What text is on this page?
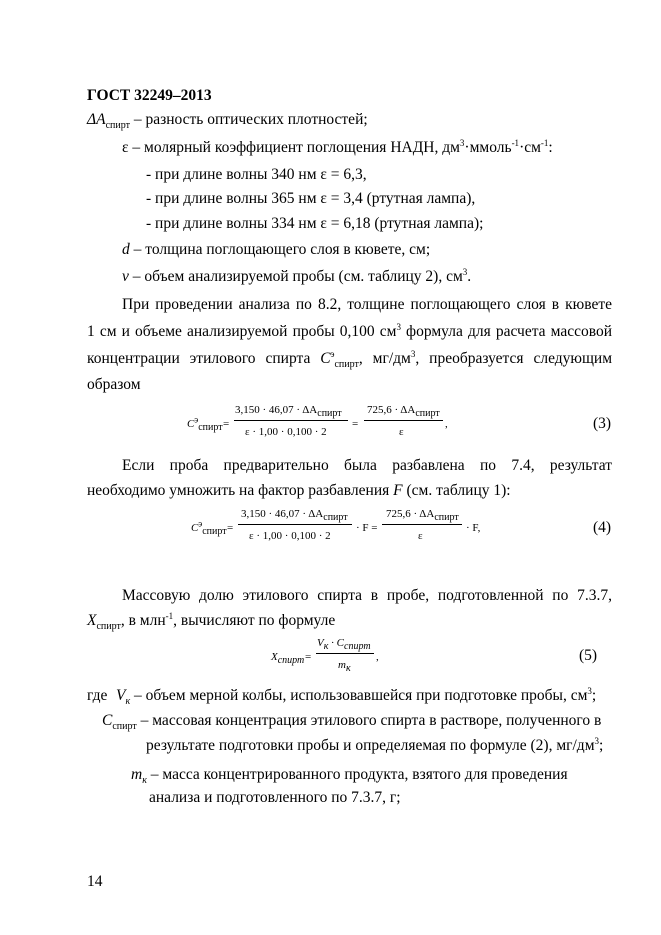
ГОСТ 32249–2013
$\Delta A_{спирт}$ – разность оптических плотностей;
ε – молярный коэффициент поглощения НАДН, $дм^3\cdot ммоль^{-1}\cdot см^{-1}$:
- при длине волны 340 нм ε = 6,3,
- при длине волны 365 нм ε = 3,4 (ртутная лампа),
- при длине волны 334 нм ε = 6,18 (ртутная лампа);
d – толщина поглощающего слоя в кювете, см;
v – объем анализируемой пробы (см. таблицу 2), $см^3$.
При проведении анализа по 8.2, толщине поглощающего слоя в кювете
1 см и объеме анализируемой пробы 0,100 $см^3$ формула для расчета массовой
концентрации этилового спирта $C^э_{спирт}$, $мг/дм^3$, преобразуется следующим
образом
$C^э_{спирт}$ =
$3,150 \cdot 46,07 \cdot \Delta A_{спирт}$
ε · 1,00 · 0,100 · 2
=
$725,6 \cdot \Delta A_{спирт}$
ε
,	(3)
Если проба предварительно была разбавлена по 7.4, результат
необходимо умножить на фактор разбавления F (см. таблицу 1):
$C^э_{спирт}$ =
$3,150 \cdot 46,07 \cdot \Delta A_{спирт}$
ε · 1,00 · 0,100 · 2
· F =
$725,6 \cdot \Delta A_{спирт}$
ε
· F,	(4)
Массовую долю этилового спирта в пробе, подготовленной по 7.3.7,
$X_{спирт}$, в млн$^{-1}$, вычисляют по формуле
$X_{спирт}$ =
$V_к \cdot C_{спирт}$
$m_к$
,	(5)
где $V_к$ – объем мерной колбы, использовавшейся при подготовке пробы, $см^3$;
$C_{спирт}$ – массовая концентрация этилового спирта в растворе, полученного в
результате подготовки пробы и определяемая по формуле (2), $мг/дм^3$;
$m_к$ – масса концентрированного продукта, взятого для проведения
анализа и подготовленного по 7.3.7, г;
14
